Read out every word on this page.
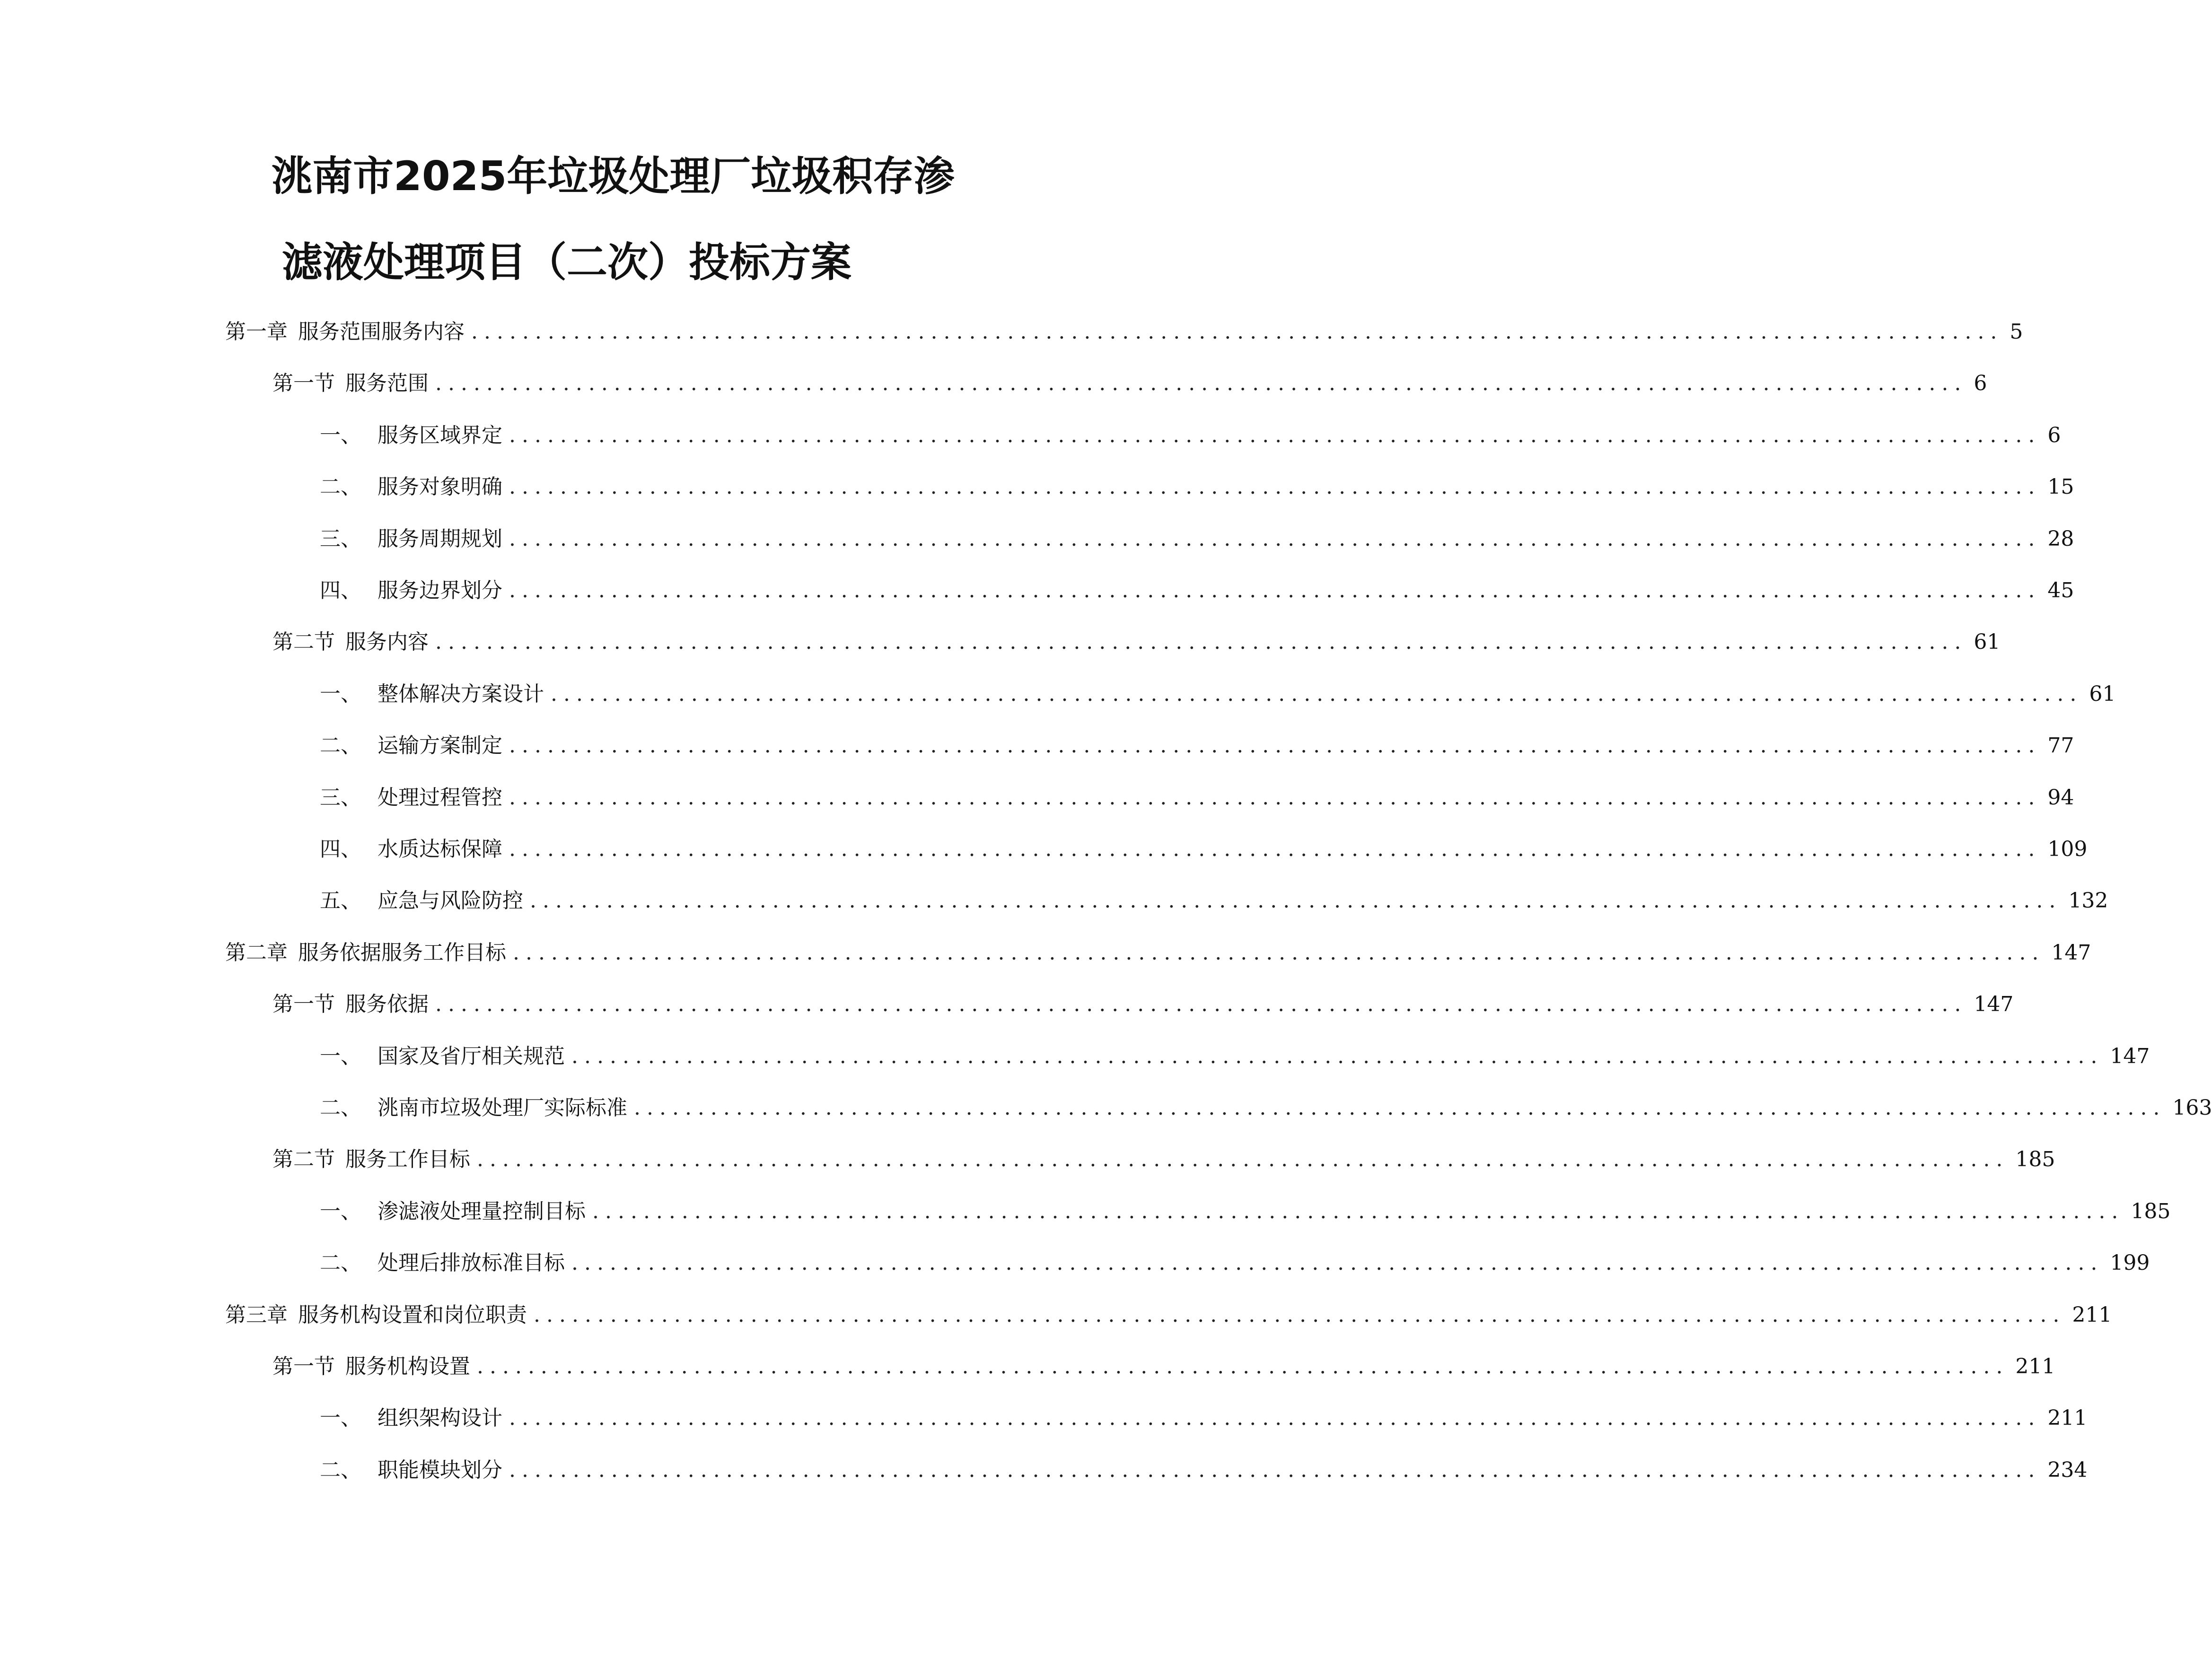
洮南市2025年垃圾处理厂垃圾积存渗
滤液处理项目（二次）投标方案
第一章 服务范围服务内容 ........................................................................................................................ 5
第一节 服务范围 ........................................................................................................................ 6
一、 服务区域界定 ........................................................................................................................ 6
二、 服务对象明确 ........................................................................................................................ 15
三、 服务周期规划 ........................................................................................................................ 28
四、 服务边界划分 ........................................................................................................................ 45
第二节 服务内容 ........................................................................................................................ 61
一、 整体解决方案设计 ........................................................................................................................ 61
二、 运输方案制定 ........................................................................................................................ 77
三、 处理过程管控 ........................................................................................................................ 94
四、 水质达标保障 ........................................................................................................................ 109
五、 应急与风险防控 ........................................................................................................................ 132
第二章 服务依据服务工作目标 ........................................................................................................................ 147
第一节 服务依据 ........................................................................................................................ 147
一、 国家及省厅相关规范 ........................................................................................................................ 147
二、 洮南市垃圾处理厂实际标准 ........................................................................................................................ 163
第二节 服务工作目标 ........................................................................................................................ 185
一、 渗滤液处理量控制目标 ........................................................................................................................ 185
二、 处理后排放标准目标 ........................................................................................................................ 199
第三章 服务机构设置和岗位职责 ........................................................................................................................ 211
第一节 服务机构设置 ........................................................................................................................ 211
一、 组织架构设计 ........................................................................................................................ 211
二、 职能模块划分 ........................................................................................................................ 234
